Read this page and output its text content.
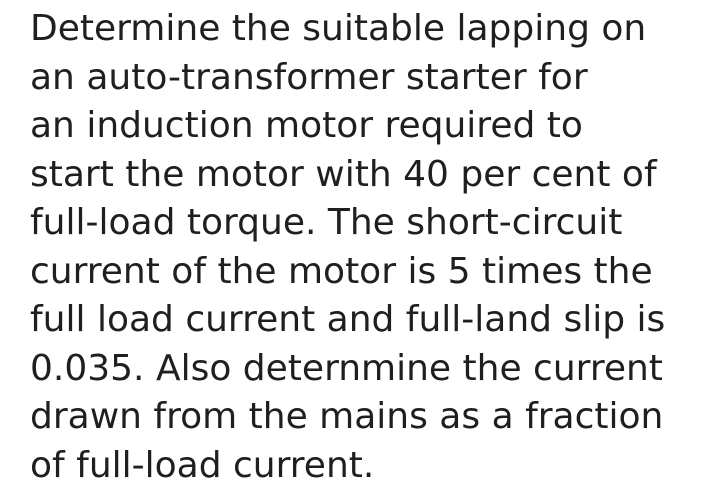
Determine the suitable lapping on
an auto-transformer starter for
an induction motor required to
start the motor with 40 per cent of
full-load torque. The short-circuit
current of the motor is 5 times the
full load current and full-land slip is
0.035. Also deternmine the current
drawn from the mains as a fraction
of full-load current.
